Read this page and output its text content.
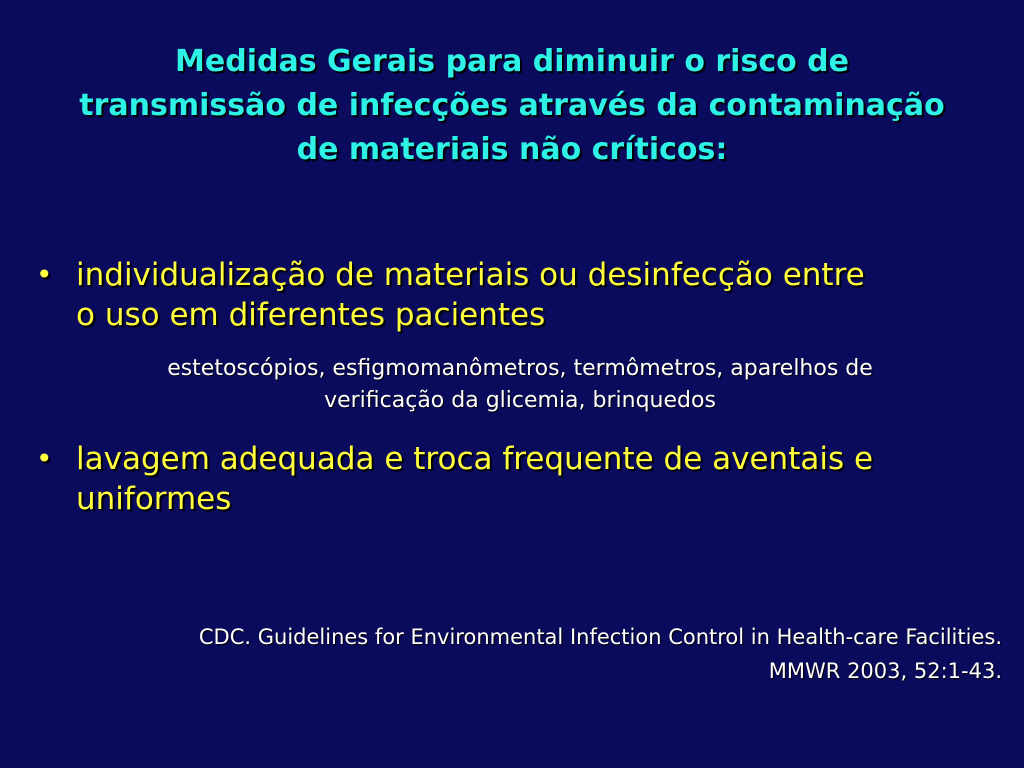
Medidas Gerais para diminuir o risco de
transmissão de infecções através da contaminação
de materiais não críticos:
• individualização de materiais ou desinfecção entre
o uso em diferentes pacientes
estetoscópios, esfigmomanômetros, termômetros, aparelhos de
verificação da glicemia, brinquedos
• lavagem adequada e troca frequente de aventais e
uniformes
CDC. Guidelines for Environmental Infection Control in Health-care Facilities.
MMWR 2003, 52:1-43.
